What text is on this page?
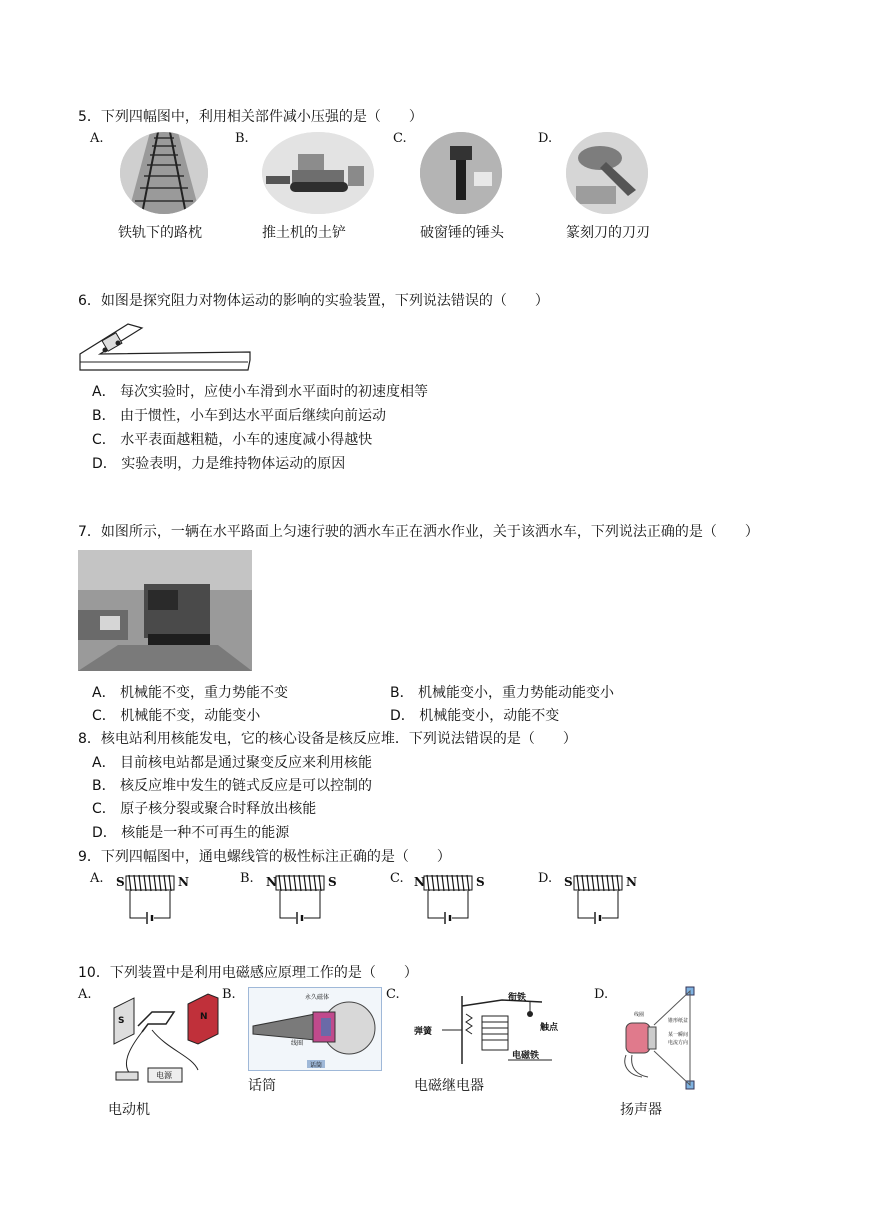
5．下列四幅图中，利用相关部件减小压强的是（　　）
A.	B.	C.	D.
铁轨下的路枕	推土机的土铲	破窗锤的锤头	篆刻刀的刀刃
6．如图是探究阻力对物体运动的影响的实验装置，下列说法错误的（　　）
A． 每次实验时，应使小车滑到水平面时的初速度相等
B． 由于惯性，小车到达水平面后继续向前运动
C． 水平表面越粗糙，小车的速度减小得越快
D． 实验表明，力是维持物体运动的原因
7．如图所示，一辆在水平路面上匀速行驶的洒水车正在洒水作业，关于该洒水车，下列说法正确的是（　　）
A． 机械能不变，重力势能不变	B． 机械能变小，重力势能动能变小
C． 机械能不变，动能变小	D． 机械能变小，动能不变
8．核电站利用核能发电，它的核心设备是核反应堆．下列说法错误的是（　　）
A． 目前核电站都是通过聚变反应来利用核能
B． 核反应堆中发生的链式反应是可以控制的
C． 原子核分裂或聚合时释放出核能
D． 核能是一种不可再生的能源
9．下列四幅图中，通电螺线管的极性标注正确的是（　　）
A.	B.	C.	D.
S	N	N	S	N	S	S	N
10．下列装置中是利用电磁感应原理工作的是（　　）
A.	B.	C.	D.
S	N
电源
永久磁体
线圈
话筒
衔铁
触点
电磁铁
弹簧
线圈
锥形纸盆
某一瞬间
电流方向
电动机
话筒	电磁继电器
扬声器
